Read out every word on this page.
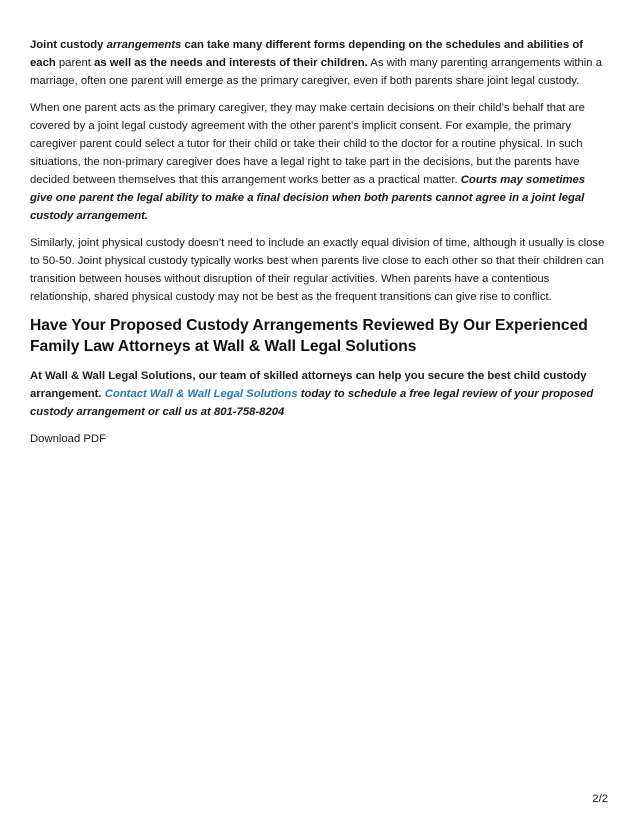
Joint custody arrangements can take many different forms depending on the schedules and abilities of each parent as well as the needs and interests of their children. As with many parenting arrangements within a marriage, often one parent will emerge as the primary caregiver, even if both parents share joint legal custody.

When one parent acts as the primary caregiver, they may make certain decisions on their child’s behalf that are covered by a joint legal custody agreement with the other parent’s implicit consent. For example, the primary caregiver parent could select a tutor for their child or take their child to the doctor for a routine physical. In such situations, the non-primary caregiver does have a legal right to take part in the decisions, but the parents have decided between themselves that this arrangement works better as a practical matter. Courts may sometimes give one parent the legal ability to make a final decision when both parents cannot agree in a joint legal custody arrangement.

Similarly, joint physical custody doesn’t need to include an exactly equal division of time, although it usually is close to 50-50. Joint physical custody typically works best when parents live close to each other so that their children can transition between houses without disruption of their regular activities. When parents have a contentious relationship, shared physical custody may not be best as the frequent transitions can give rise to conflict.

Have Your Proposed Custody Arrangements Reviewed By Our Experienced Family Law Attorneys at Wall & Wall Legal Solutions

At Wall & Wall Legal Solutions, our team of skilled attorneys can help you secure the best child custody arrangement. Contact Wall & Wall Legal Solutions today to schedule a free legal review of your proposed custody arrangement or call us at 801-758-8204

Download PDF
2/2
